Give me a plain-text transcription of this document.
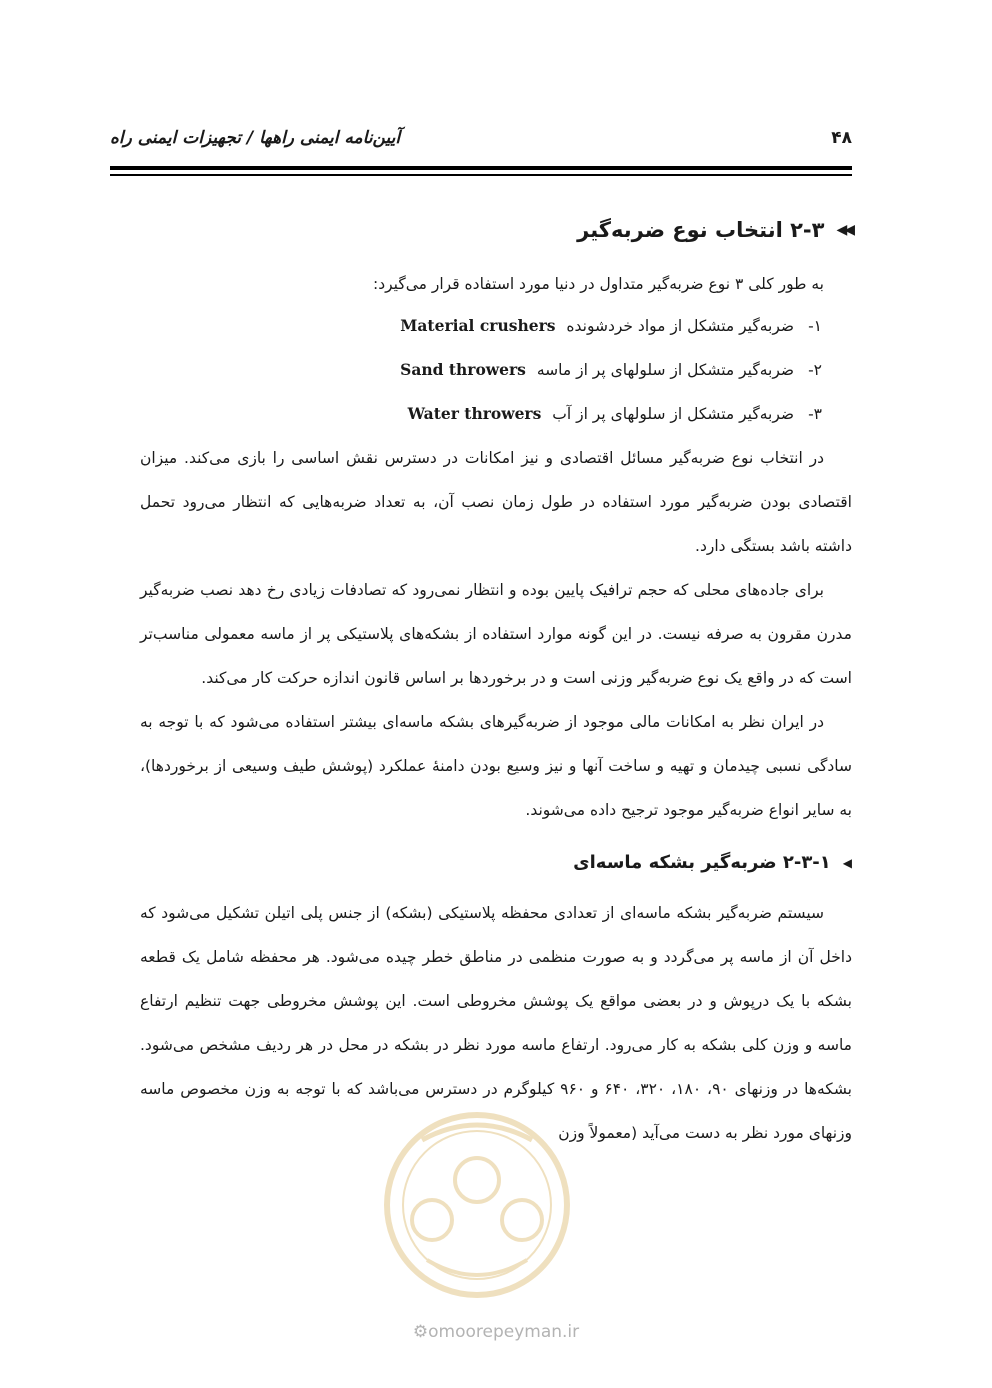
آیین‌نامه ایمنی راهها / تجهیزات ایمنی راه	۴۸
◀◀
۲-۳ انتخاب نوع ضربه‌گیر

به طور کلی ۳ نوع ضربه‌گیر متداول در دنیا مورد استفاده قرار می‌گیرد:

۱-
ضربه‌گیر متشکل از مواد خردشونده Material crushers
۲-
ضربه‌گیر متشکل از سلولهای پر از ماسه Sand throwers
۳-
ضربه‌گیر متشکل از سلولهای پر از آب Water throwers

در انتخاب نوع ضربه‌گیر مسائل اقتصادی و نیز امکانات در دسترس نقش اساسی را بازی می‌کند. میزان اقتصادی بودن ضربه‌گیر مورد استفاده در طول زمان نصب آن، به تعداد ضربه‌هایی که انتظار می‌رود تحمل داشته باشد بستگی دارد.

برای جاده‌های محلی که حجم ترافیک پایین بوده و انتظار نمی‌رود که تصادفات زیادی رخ دهد نصب ضربه‌گیر مدرن مقرون به صرفه نیست. در این گونه موارد استفاده از بشکه‌های پلاستیکی پر از ماسه معمولی مناسب‌تر است که در واقع یک نوع ضربه‌گیر وزنی است و در برخوردها بر اساس قانون اندازه حرکت کار می‌کند.

در ایران نظر به امکانات مالی موجود از ضربه‌گیرهای بشکه ماسه‌ای بیشتر استفاده می‌شود که با توجه به سادگی نسبی چیدمان و تهیه و ساخت آنها و نیز وسیع بودن دامنهٔ عملکرد (پوشش طیف وسیعی از برخوردها)، به سایر انواع ضربه‌گیر موجود ترجیح داده می‌شوند.

◀
۲-۳-۱ ضربه‌گیر بشکه ماسه‌ای

سیستم ضربه‌گیر بشکه ماسه‌ای از تعدادی محفظه پلاستیکی (بشکه) از جنس پلی اتیلن تشکیل می‌شود که داخل آن از ماسه پر می‌گردد و به صورت منظمی در مناطق خطر چیده می‌شود. هر محفظه شامل یک قطعه بشکه با یک درپوش و در بعضی مواقع یک پوشش مخروطی است. این پوشش مخروطی جهت تنظیم ارتفاع ماسه و وزن کلی بشکه به کار می‌رود. ارتفاع ماسه مورد نظر در بشکه در محل در هر ردیف مشخص می‌شود. بشکه‌ها در وزنهای ۹۰، ۱۸۰، ۳۲۰، ۶۴۰ و ۹۶۰ کیلوگرم در دسترس می‌باشد که با توجه به وزن مخصوص ماسه وزنهای مورد نظر به دست می‌آید (معمولاً وزن

⚙omoorepeyman.ir
